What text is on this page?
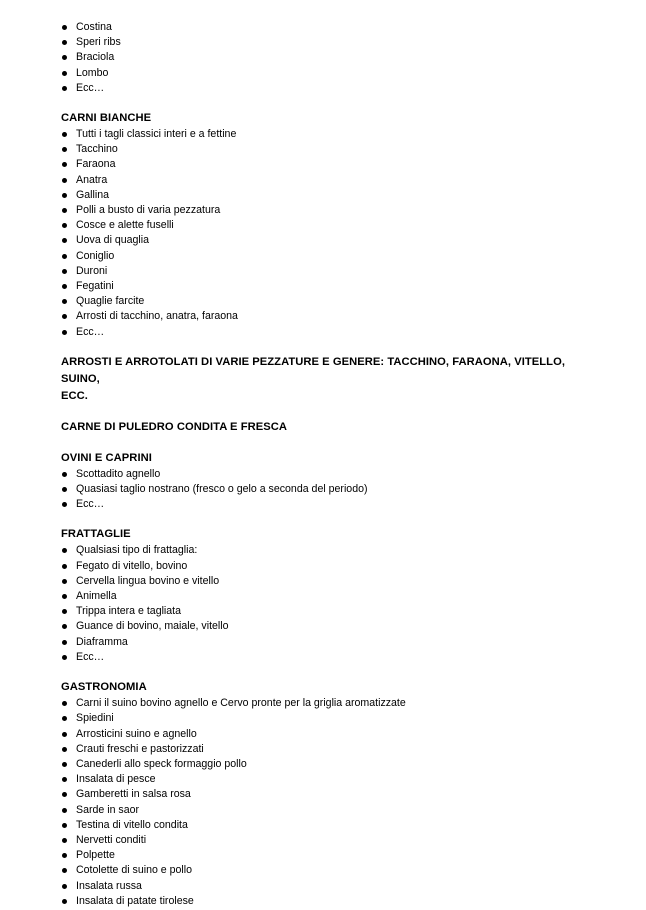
Costina
Speri ribs
Braciola
Lombo
Ecc…

CARNI BIANCHE

Tutti i tagli classici interi e a fettine
Tacchino
Faraona
Anatra
Gallina
Polli a busto di varia pezzatura
Cosce e alette fuselli
Uova di quaglia
Coniglio
Duroni
Fegatini
Quaglie farcite
Arrosti di tacchino, anatra, faraona
Ecc…

ARROSTI E ARROTOLATI DI VARIE PEZZATURE E GENERE: TACCHINO, FARAONA, VITELLO, SUINO,

ECC.

CARNE DI PULEDRO CONDITA E FRESCA

OVINI E CAPRINI

Scottadito agnello
Quasiasi taglio nostrano (fresco o gelo a seconda del periodo)
Ecc…

FRATTAGLIE

Qualsiasi tipo di frattaglia:
Fegato di vitello, bovino
Cervella lingua bovino e vitello
Animella
Trippa intera e tagliata
Guance di bovino, maiale, vitello
Diaframma
Ecc…

GASTRONOMIA

Carni il suino bovino agnello e Cervo pronte per la griglia aromatizzate
Spiedini
Arrosticini suino e agnello
Crauti freschi e pastorizzati
Canederli allo speck formaggio pollo
Insalata di pesce
Gamberetti in salsa rosa
Sarde in saor
Testina di vitello condita
Nervetti conditi
Polpette
Cotolette di suino e pollo
Insalata russa
Insalata di patate tirolese
